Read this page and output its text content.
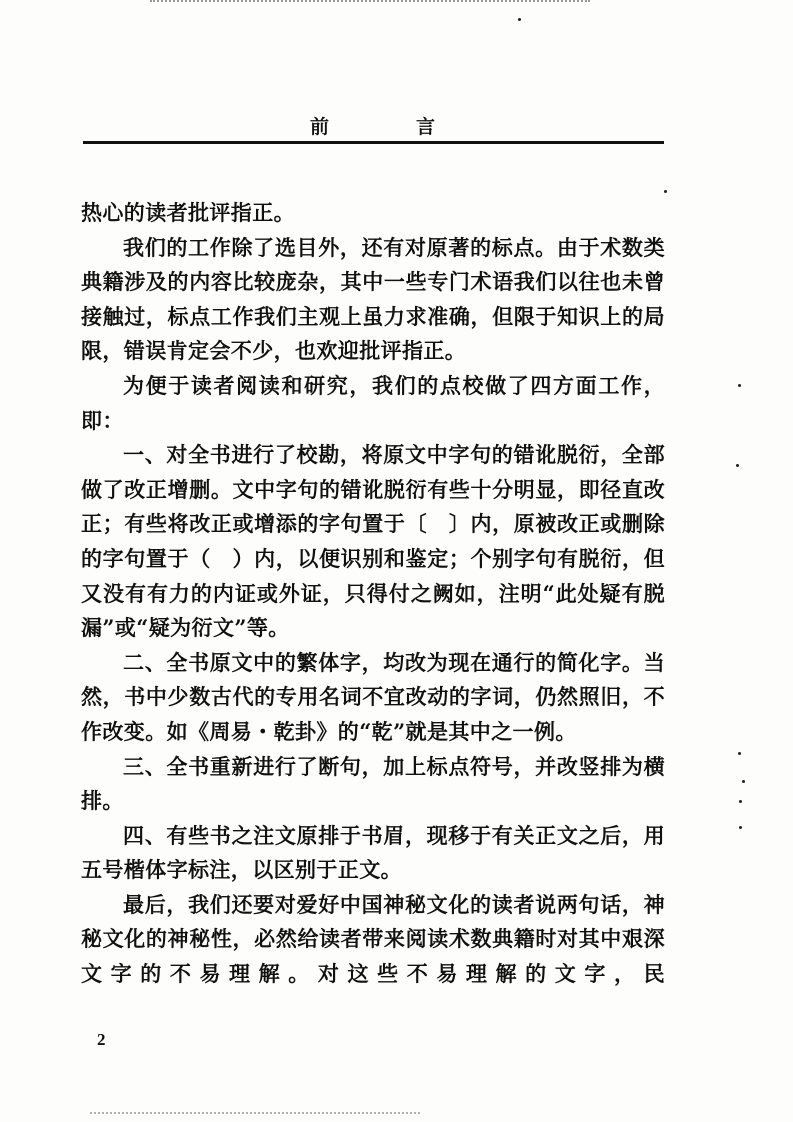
前　言

热心的读者批评指正。

我们的工作除了选目外，还有对原著的标点。由于术数类典籍涉及的内容比较庞杂，其中一些专门术语我们以往也未曾接触过，标点工作我们主观上虽力求准确，但限于知识上的局限，错误肯定会不少，也欢迎批评指正。

为便于读者阅读和研究，我们的点校做了四方面工作，即：

一、对全书进行了校勘，将原文中字句的错讹脱衍，全部做了改正增删。文中字句的错讹脱衍有些十分明显，即径直改正；有些将改正或增添的字句置于〔　〕内，原被改正或删除的字句置于（　）内，以便识别和鉴定；个别字句有脱衍，但又没有有力的内证或外证，只得付之阙如，注明“此处疑有脱漏”或“疑为衍文”等。

二、全书原文中的繁体字，均改为现在通行的简化字。当然，书中少数古代的专用名词不宜改动的字词，仍然照旧，不作改变。如《周易・乾卦》的“乾”就是其中之一例。

三、全书重新进行了断句，加上标点符号，并改竖排为横排。

四、有些书之注文原排于书眉，现移于有关正文之后，用五号楷体字标注，以区别于正文。

最后，我们还要对爱好中国神秘文化的读者说两句话，神秘文化的神秘性，必然给读者带来阅读术数典籍时对其中艰深文字的不易理解。对这些不易理解的文字，民

2
